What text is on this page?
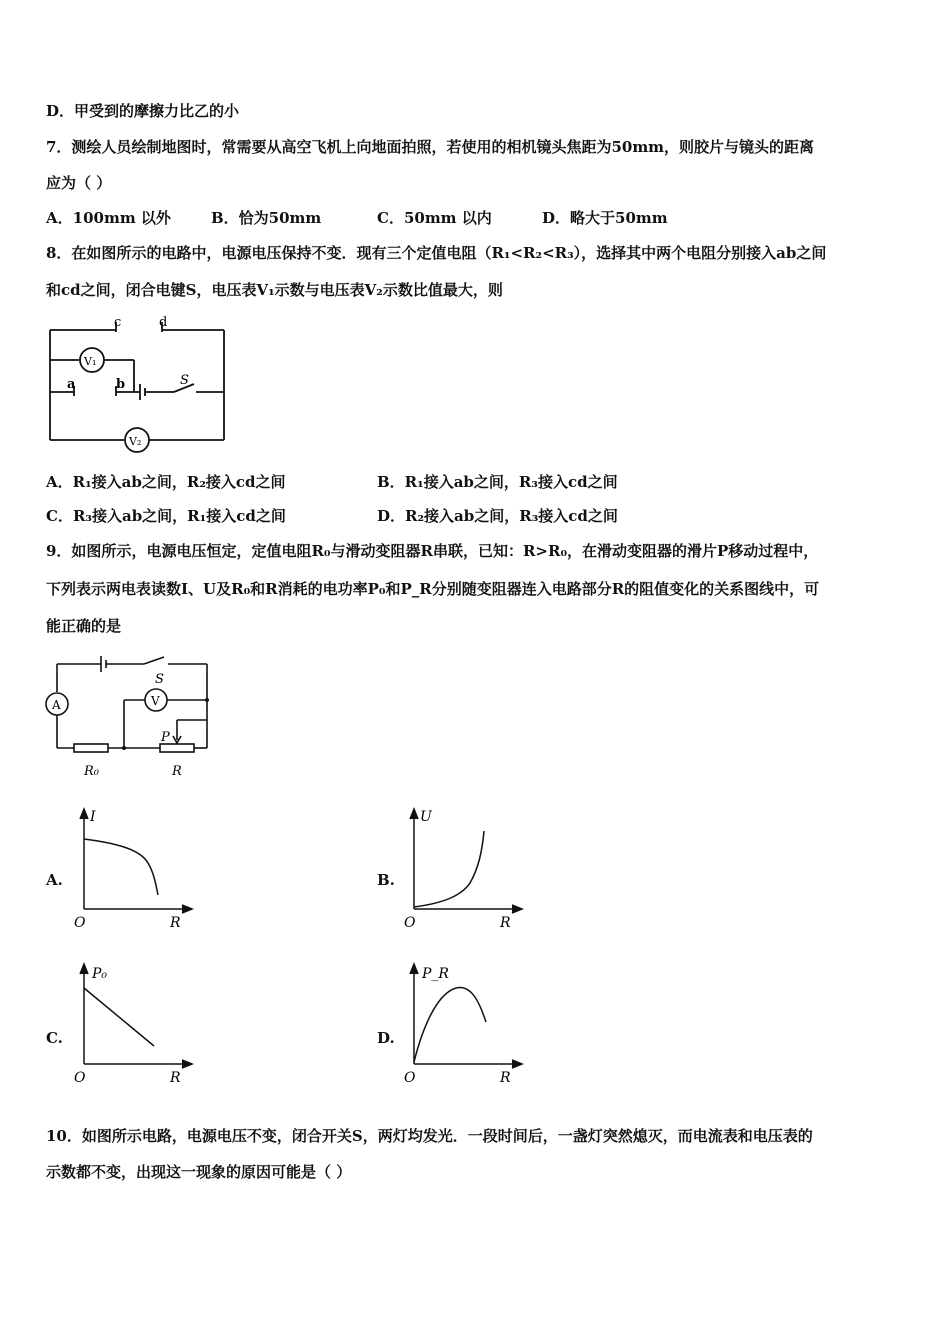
D．甲受到的摩擦力比乙的小
7．测绘人员绘制地图时，常需要从高空飞机上向地面拍照，若使用的相机镜头焦距为50mm，则胶片与镜头的距离
应为（ ）
A．100mm 以外	B．恰为50mm	C．50mm 以内	D．略大于50mm
8．在如图所示的电路中，电源电压保持不变．现有三个定值电阻（R₁<R₂<R₃），选择其中两个电阻分别接入ab之间
和cd之间，闭合电键S，电压表V₁示数与电压表V₂示数比值最大，则
c	d
a	b	S
V₁
V₂
A．R₁接入ab之间，R₂接入cd之间	B．R₁接入ab之间，R₃接入cd之间
C．R₃接入ab之间，R₁接入cd之间	D．R₂接入ab之间，R₃接入cd之间
9．如图所示，电源电压恒定，定值电阻R₀与滑动变阻器R串联，已知：R>R₀，在滑动变阻器的滑片P移动过程中，
下列表示两电表读数I、U及R₀和R消耗的电功率P₀和P_R分别随变阻器连入电路部分R的阻值变化的关系图线中，可
能正确的是
A	V
S
P
R₀	R
A.
I
O	R
B.
U
O	R
C.
P₀
O	R
D.
P_R
O	R
10．如图所示电路，电源电压不变，闭合开关S，两灯均发光．一段时间后，一盏灯突然熄灭，而电流表和电压表的
示数都不变，出现这一现象的原因可能是（ ）
